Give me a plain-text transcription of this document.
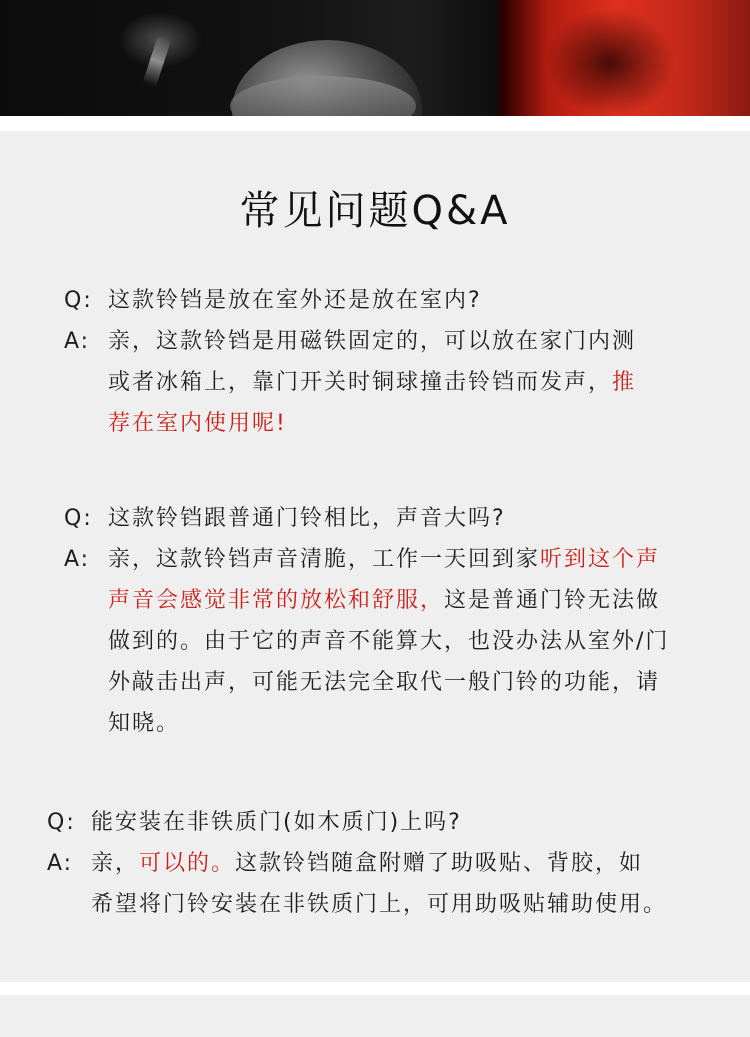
常见问题Q&A
Q: 这款铃铛是放在室外还是放在室内?
A: 亲，这款铃铛是用磁铁固定的，可以放在家门内测
或者冰箱上，靠门开关时铜球撞击铃铛而发声，推
荐在室内使用呢!
Q: 这款铃铛跟普通门铃相比，声音大吗?
A: 亲，这款铃铛声音清脆，工作一天回到家听到这个声
声音会感觉非常的放松和舒服，这是普通门铃无法做
做到的。由于它的声音不能算大，也没办法从室外/门
外敲击出声，可能无法完全取代一般门铃的功能，请
知晓。
Q: 能安装在非铁质门(如木质门)上吗?
A: 亲，可以的。这款铃铛随盒附赠了助吸贴、背胶，如
希望将门铃安装在非铁质门上，可用助吸贴辅助使用。
